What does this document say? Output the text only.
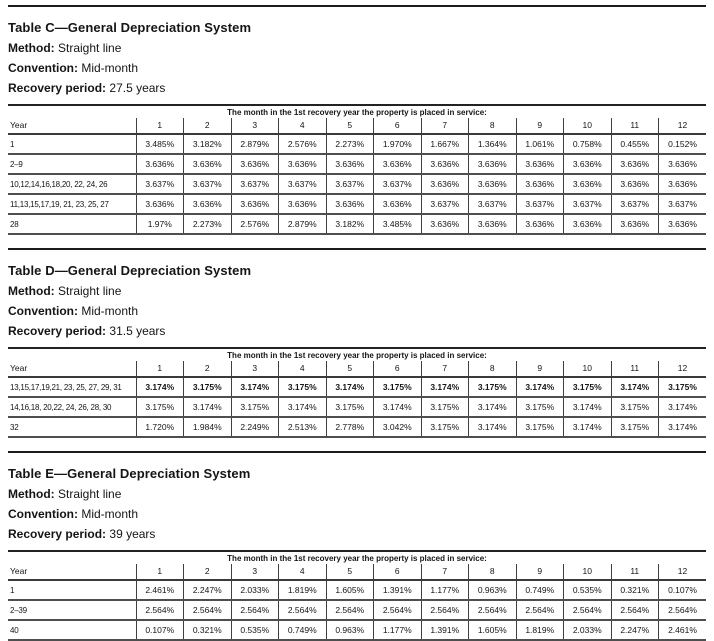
Table C—General Depreciation System

Method: Straight line

Convention: Mid-month

Recovery period: 27.5 years

The month in the 1st recovery year the property is placed in service:												
Year	1	2	3	4	5	6	7	8	9	10	11	12
1	3.485%	3.182%	2.879%	2.576%	2.273%	1.970%	1.667%	1.364%	1.061%	0.758%	0.455%	0.152%
2–9	3.636%	3.636%	3.636%	3.636%	3.636%	3.636%	3.636%	3.636%	3.636%	3.636%	3.636%	3.636%
10,12,14,16,18,20, 22, 24, 26	3.637%	3.637%	3.637%	3.637%	3.637%	3.637%	3.636%	3.636%	3.636%	3.636%	3.636%	3.636%
11,13,15,17,19, 21, 23, 25, 27	3.636%	3.636%	3.636%	3.636%	3.636%	3.636%	3.637%	3.637%	3.637%	3.637%	3.637%	3.637%
28	1.97%	2.273%	2.576%	2.879%	3.182%	3.485%	3.636%	3.636%	3.636%	3.636%	3.636%	3.636%
Table D—General Depreciation System

Method: Straight line

Convention: Mid-month

Recovery period: 31.5 years

The month in the 1st recovery year the property is placed in service:												
Year	1	2	3	4	5	6	7	8	9	10	11	12
13,15,17,19,21, 23, 25, 27, 29, 31	3.174%	3.175%	3.174%	3.175%	3.174%	3.175%	3.174%	3.175%	3.174%	3.175%	3.174%	3.175%
14,16,18, 20,22, 24, 26, 28, 30	3.175%	3.174%	3.175%	3.174%	3.175%	3.174%	3.175%	3.174%	3.175%	3.174%	3.175%	3.174%
32	1.720%	1.984%	2.249%	2.513%	2.778%	3.042%	3.175%	3.174%	3.175%	3.174%	3.175%	3.174%
Table E—General Depreciation System

Method: Straight line

Convention: Mid-month

Recovery period: 39 years

The month in the 1st recovery year the property is placed in service:												
Year	1	2	3	4	5	6	7	8	9	10	11	12
1	2.461%	2.247%	2.033%	1.819%	1.605%	1.391%	1.177%	0.963%	0.749%	0.535%	0.321%	0.107%
2–39	2.564%	2.564%	2.564%	2.564%	2.564%	2.564%	2.564%	2.564%	2.564%	2.564%	2.564%	2.564%
40	0.107%	0.321%	0.535%	0.749%	0.963%	1.177%	1.391%	1.605%	1.819%	2.033%	2.247%	2.461%
